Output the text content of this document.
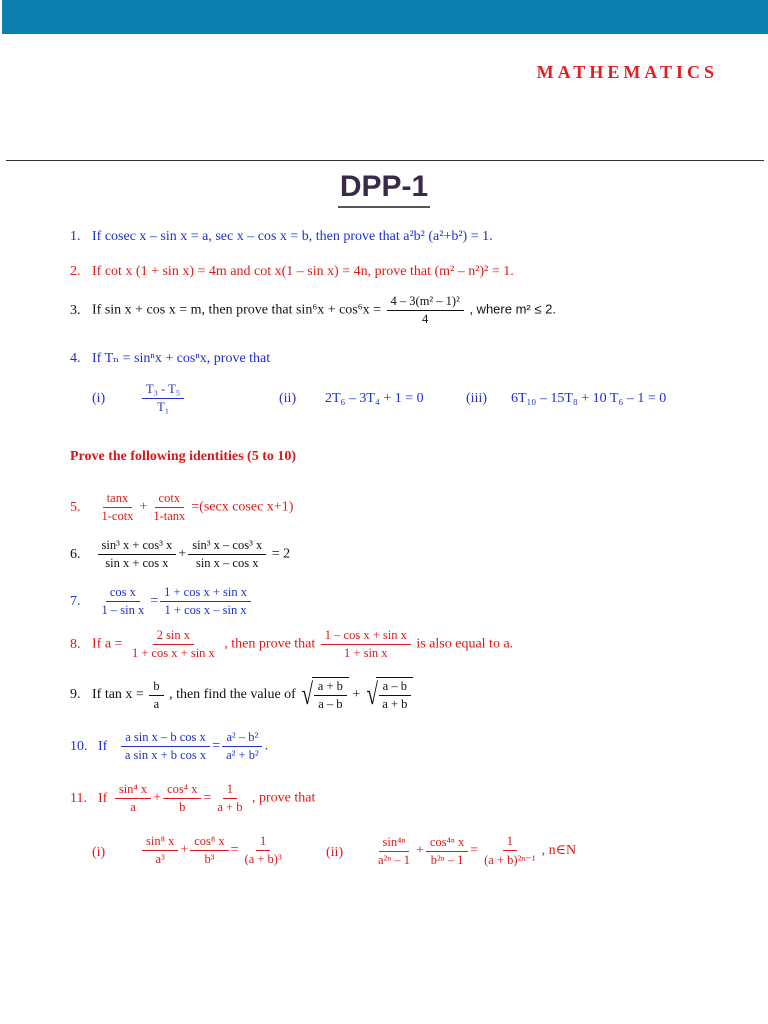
MATHEMATICS
DPP-1
1. If cosec x – sin x = a, sec x – cos x = b, then prove that a²b² (a²+b²) = 1.
2. If cot x (1 + sin x) = 4m and cot x(1 – sin x) = 4n, prove that (m² – n²)² = 1.
3. If sin x + cos x = m, then prove that $\sin^6x + \cos^6x = \frac{\text{4 – 3(m² – 1)²}}{4}$ , where m² ≤ 2.
4. If Tₙ = sinⁿx + cosⁿx, prove that
(i)	$\frac{\text{T₃ - T₅}}{\text{T₁}}$	(ii) 2T₆ – 3T₄ + 1 = 0	(iii) 6T₁₀ – 15T₈ + 10 T₆ – 1 = 0
Prove the following identities (5 to 10)
5. $\frac{\tan x}{1-\cot x} + \frac{\cot x}{1-\tan x} =(\sec x$ cosec x+1)
6. $\frac{\text{sin³ x + cos³ x}}{\text{sin x + cos x}} + \frac{\text{sin³ x – cos³ x}}{\text{sin x – cos x}} = 2$
7. $\frac{\text{cos x}}{\text{1 – sin x}} = \frac{\text{1 + cos x + sin x}}{\text{1 + cos x – sin x}}$
8. If $a = \frac{\text{2 sin x}}{\text{1 + cos x + sin x}}$ , then prove that $\frac{\text{1 – cos x + sin x}}{\text{1 + sin x}}$ is also equal to a.
9. If $\tan x = \frac{b}{a}$ , then find the value of √ $\frac{a + b}{a - b}$ + √ $\frac{a - b}{a + b}$
10. If $\frac{\text{a sin x – b cos x}}{\text{a sin x + b cos x}} = \frac{\text{a² – b²}}{\text{a² + b²}}$ .
11. If $\frac{\text{sin⁴ x}}{a} + \frac{\text{cos⁴ x}}{b} = \frac{1}{a + b}$ , prove that
(i)	$\frac{\text{sin⁸ x}}{\text{a³}} + \frac{\text{cos⁸ x}}{\text{b³}} = \frac{1}{\text{(a + b)³}}$	$(ii) \frac{\text{sin⁴ⁿ}}{\text{a²ⁿ – 1}} + \frac{\text{cos⁴ⁿ x}}{\text{b²ⁿ – 1}} = \frac{1}{\text{(a + b)²ⁿ⁻¹}}$ , n∈N
